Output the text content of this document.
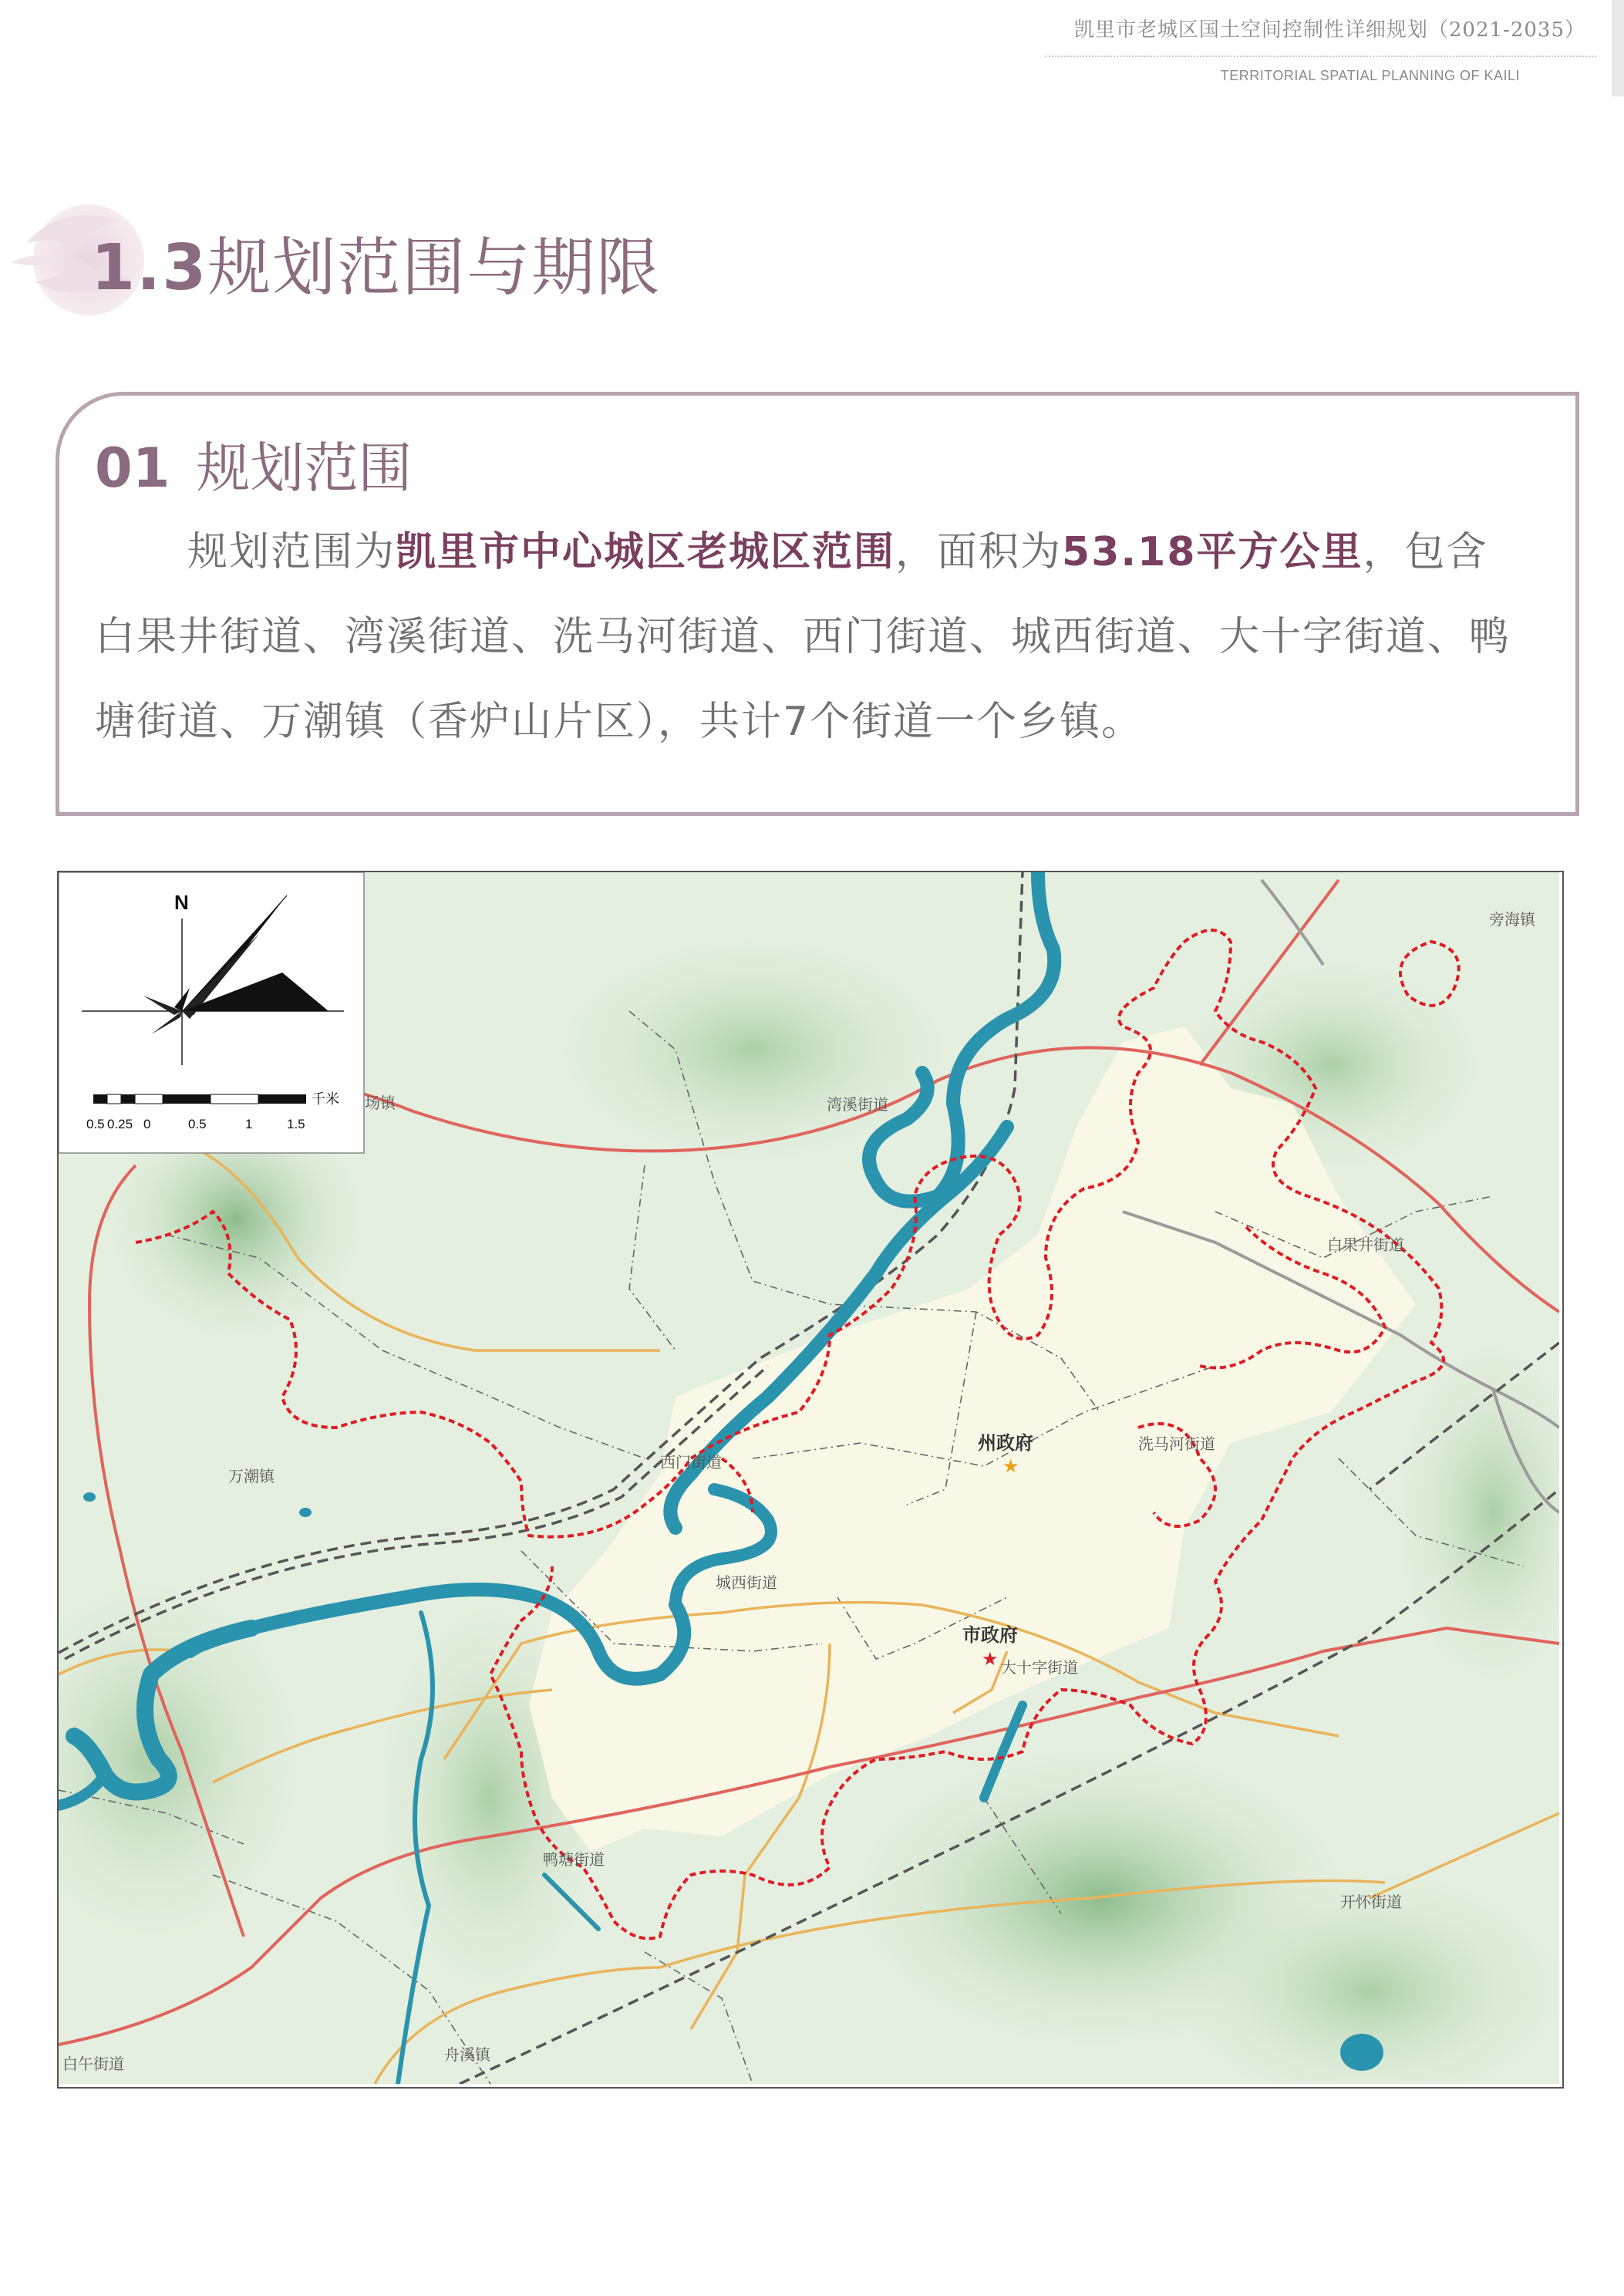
凯里市老城区国土空间控制性详细规划（2021-2035）
TERRITORIAL SPATIAL PLANNING OF KAILI
1.3规划范围与期限
01 规划范围
规划范围为凯里市中心城区老城区范围，面积为53.18平方公里，包含白果井街道、湾溪街道、洗马河街道、西门街道、城西街道、大十字街道、鸭塘街道、万潮镇（香炉山片区），共计7个街道一个乡镇。
N
千米
0.5 0.25 0	0.5	1	1.5
旁海镇
湾溪街道
场镇
白果井街道
洗马河街道
西门街道
万潮镇
城西街道
大十字街道
鸭塘街道
开怀街道
舟溪镇
白午街道
州政府
★
市政府
★
